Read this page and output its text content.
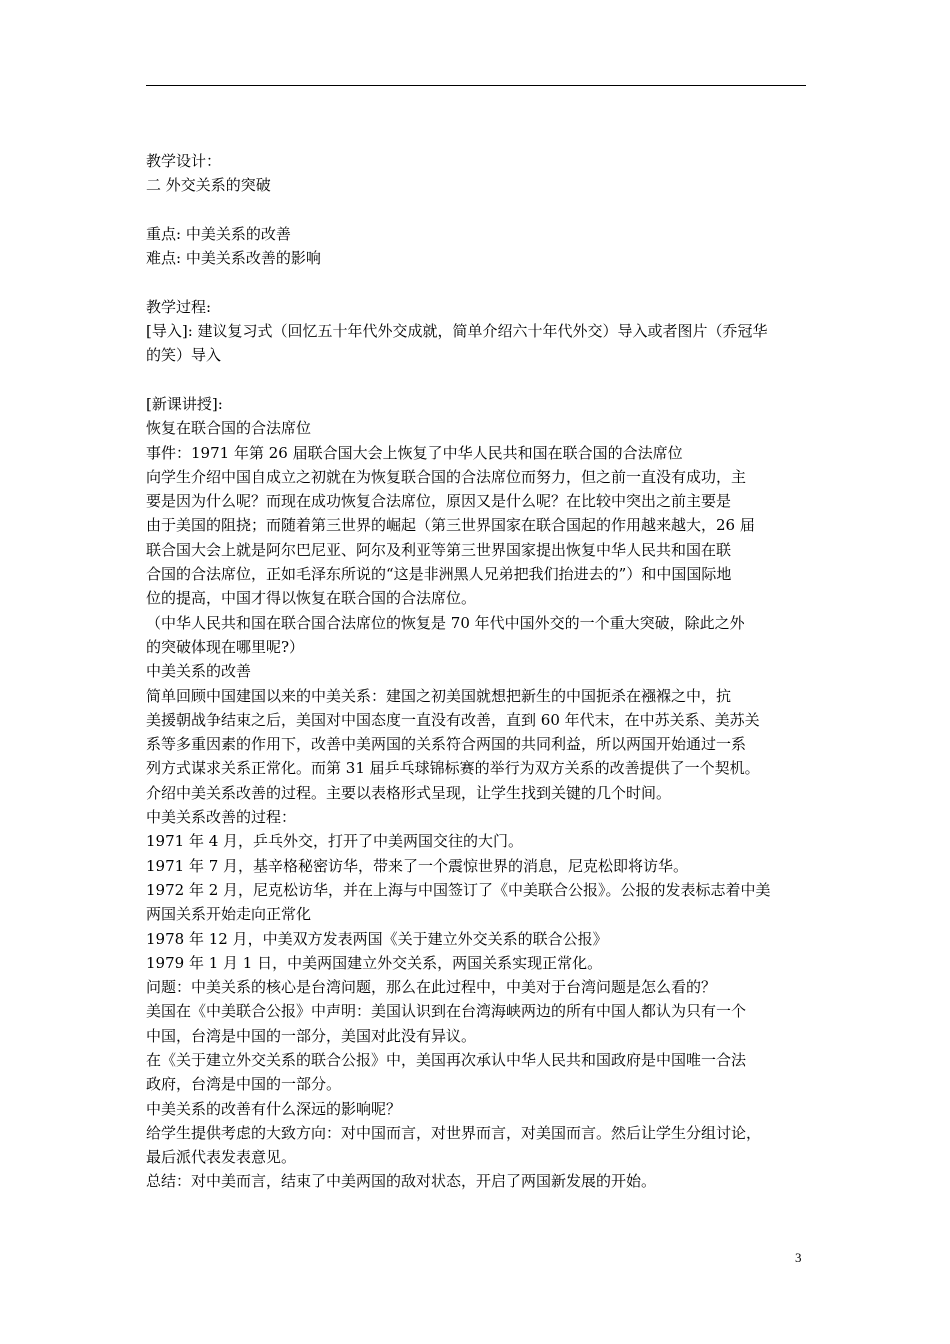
教学设计：
二 外交关系的突破
重点: 中美关系的改善
难点: 中美关系改善的影响
教学过程:
[导入]: 建议复习式（回忆五十年代外交成就，简单介绍六十年代外交）导入或者图片（乔冠华
的笑）导入
[新课讲授]:
恢复在联合国的合法席位
事件：1971 年第 26 届联合国大会上恢复了中华人民共和国在联合国的合法席位
向学生介绍中国自成立之初就在为恢复联合国的合法席位而努力，但之前一直没有成功，主
要是因为什么呢？而现在成功恢复合法席位，原因又是什么呢？在比较中突出之前主要是
由于美国的阻挠；而随着第三世界的崛起（第三世界国家在联合国起的作用越来越大，26 届
联合国大会上就是阿尔巴尼亚、阿尔及利亚等第三世界国家提出恢复中华人民共和国在联
合国的合法席位，正如毛泽东所说的“这是非洲黑人兄弟把我们抬进去的”）和中国国际地
位的提高，中国才得以恢复在联合国的合法席位。
（中华人民共和国在联合国合法席位的恢复是 70 年代中国外交的一个重大突破，除此之外
的突破体现在哪里呢?）
中美关系的改善
简单回顾中国建国以来的中美关系：建国之初美国就想把新生的中国扼杀在襁褓之中，抗
美援朝战争结束之后，美国对中国态度一直没有改善，直到 60 年代末，在中苏关系、美苏关
系等多重因素的作用下，改善中美两国的关系符合两国的共同利益，所以两国开始通过一系
列方式谋求关系正常化。而第 31 届乒乓球锦标赛的举行为双方关系的改善提供了一个契机。
介绍中美关系改善的过程。主要以表格形式呈现，让学生找到关键的几个时间。
中美关系改善的过程：
1971 年 4 月，乒乓外交，打开了中美两国交往的大门。
1971 年 7 月，基辛格秘密访华，带来了一个震惊世界的消息，尼克松即将访华。
1972 年 2 月，尼克松访华，并在上海与中国签订了《中美联合公报》。公报的发表标志着中美
两国关系开始走向正常化
1978 年 12 月，中美双方发表两国《关于建立外交关系的联合公报》
1979 年 1 月 1 日，中美两国建立外交关系，两国关系实现正常化。
问题：中美关系的核心是台湾问题，那么在此过程中，中美对于台湾问题是怎么看的？
美国在《中美联合公报》中声明：美国认识到在台湾海峡两边的所有中国人都认为只有一个
中国，台湾是中国的一部分，美国对此没有异议。
在《关于建立外交关系的联合公报》中，美国再次承认中华人民共和国政府是中国唯一合法
政府，台湾是中国的一部分。
中美关系的改善有什么深远的影响呢？
给学生提供考虑的大致方向：对中国而言，对世界而言，对美国而言。然后让学生分组讨论，
最后派代表发表意见。
总结：对中美而言，结束了中美两国的敌对状态，开启了两国新发展的开始。
3
